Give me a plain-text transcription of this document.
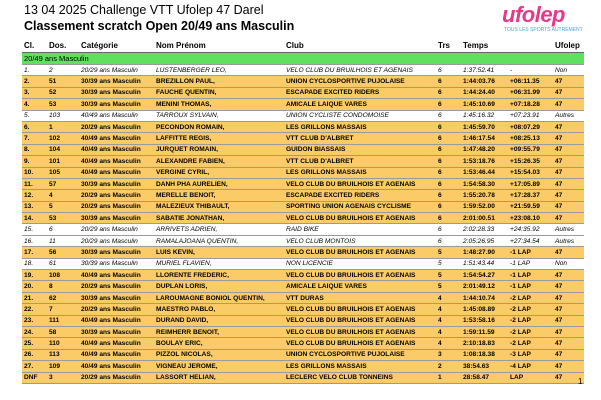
13 04 2025 Challenge VTT Ufolep 47 Darel
Classement scratch Open 20/49 ans Masculin	ufolep
TOUS LES SPORTS AUTREMENT
Cl.	Dos.	Catégorie	Nom Prénom	Club	Trs	Temps		Ufolep
20/49 ans Masculin								
1.	2	20/29 ans Masculin	LUSTENBERGER LEO,	VELO CLUB DU BRUILHOIS ET AGENAIS	6	1:37:52.41	-	Non
2.	51	30/39 ans Masculin	BREZILLON PAUL,	UNION CYCLOSPORTIVE PUJOLAISE	6	1:44:03.76	+06:11.35	47
3.	52	30/39 ans Masculin	FAUCHE QUENTIN,	ESCAPADE EXCITED RIDERS	6	1:44:24.40	+06:31.99	47
4.	53	30/39 ans Masculin	MENINI THOMAS,	AMICALE LAIQUE VARES	6	1:45:10.69	+07:18.28	47
5.	103	40/49 ans Masculin	TARROUX SYLVAIN,	UNION CYCLISTE CONDOMOISE	6	1:45:16.32	+07:23.91	Autres
6.	1	20/29 ans Masculin	PECONDON ROMAIN,	LES GRILLONS MASSAIS	6	1:45:59.70	+08:07.29	47
7.	102	40/49 ans Masculin	LAFFITTE REGIS,	VTT CLUB D'ALBRET	6	1:46:17.54	+08:25.13	47
8.	104	40/49 ans Masculin	JURQUET ROMAIN,	GUIDON BIASSAIS	6	1:47:48.20	+09:55.79	47
9.	101	40/49 ans Masculin	ALEXANDRE FABIEN,	VTT CLUB D'ALBRET	6	1:53:18.76	+15:26.35	47
10.	105	40/49 ans Masculin	VERGINE CYRIL,	LES GRILLONS MASSAIS	6	1:53:46.44	+15:54.03	47
11.	57	30/39 ans Masculin	DANH PHA AURELIEN,	VELO CLUB DU BRUILHOIS ET AGENAIS	6	1:54:58.30	+17:05.89	47
12.	4	20/29 ans Masculin	MERELLE BENOIT,	ESCAPADE EXCITED RIDERS	6	1:55:20.78	+17:28.37	47
13.	5	20/29 ans Masculin	MALEZIEUX THIBAULT,	SPORTING UNION AGENAIS CYCLISME	6	1:59:52.00	+21:59.59	47
14.	53	30/39 ans Masculin	SABATIE JONATHAN,	VELO CLUB DU BRUILHOIS ET AGENAIS	6	2:01:00.51	+23:08.10	47
15.	6	20/29 ans Masculin	ARRIVETS ADRIEN,	RAID BIKE	6	2:02:28.33	+24:35.92	Autres
16.	11	20/29 ans Masculin	RAMALAJOANA QUENTIN,	VELO CLUB MONTOIS	6	2:05:26.95	+27:34.54	Autres
17.	56	30/39 ans Masculin	LUIS KEVIN,	VELO CLUB DU BRUILHOIS ET AGENAIS	5	1:48:27.90	-1 LAP	47
18.	61	30/39 ans Masculin	MURIEL FLAVIEN,	NON LICENCIE	5	1:51:43.44	-1 LAP	Non
19.	108	40/49 ans Masculin	LLORENTE FREDERIC,	VELO CLUB DU BRUILHOIS ET AGENAIS	5	1:54:54.27	-1 LAP	47
20.	8	20/29 ans Masculin	DUPLAN LORIS,	AMICALE LAIQUE VARES	5	2:01:49.12	-1 LAP	47
21.	62	30/39 ans Masculin	LAROUMAGNE BONIOL QUENTIN,	VTT DURAS	4	1:44:10.74	-2 LAP	47
22.	7	20/29 ans Masculin	MAESTRO PABLO,	VELO CLUB DU BRUILHOIS ET AGENAIS	4	1:45:08.89	-2 LAP	47
23.	111	40/49 ans Masculin	DURAND DAVID,	VELO CLUB DU BRUILHOIS ET AGENAIS	4	1:53:58.16	-2 LAP	47
24.	58	30/39 ans Masculin	REIMHERR BENOIT,	VELO CLUB DU BRUILHOIS ET AGENAIS	4	1:59:11.59	-2 LAP	47
25.	110	40/49 ans Masculin	BOULAY ERIC,	VELO CLUB DU BRUILHOIS ET AGENAIS	4	2:10:18.83	-2 LAP	47
26.	113	40/49 ans Masculin	PIZZOL NICOLAS,	UNION CYCLOSPORTIVE PUJOLAISE	3	1:08:18.38	-3 LAP	47
27.	109	40/49 ans Masculin	VIGNEAU JEROME,	LES GRILLONS MASSAIS	2	38:54.63	-4 LAP	47
DNF	3	20/29 ans Masculin	LASSORT HELIAN,	LECLERC VELO CLUB TONNEINS	1	28:58.47	LAP	47 1
